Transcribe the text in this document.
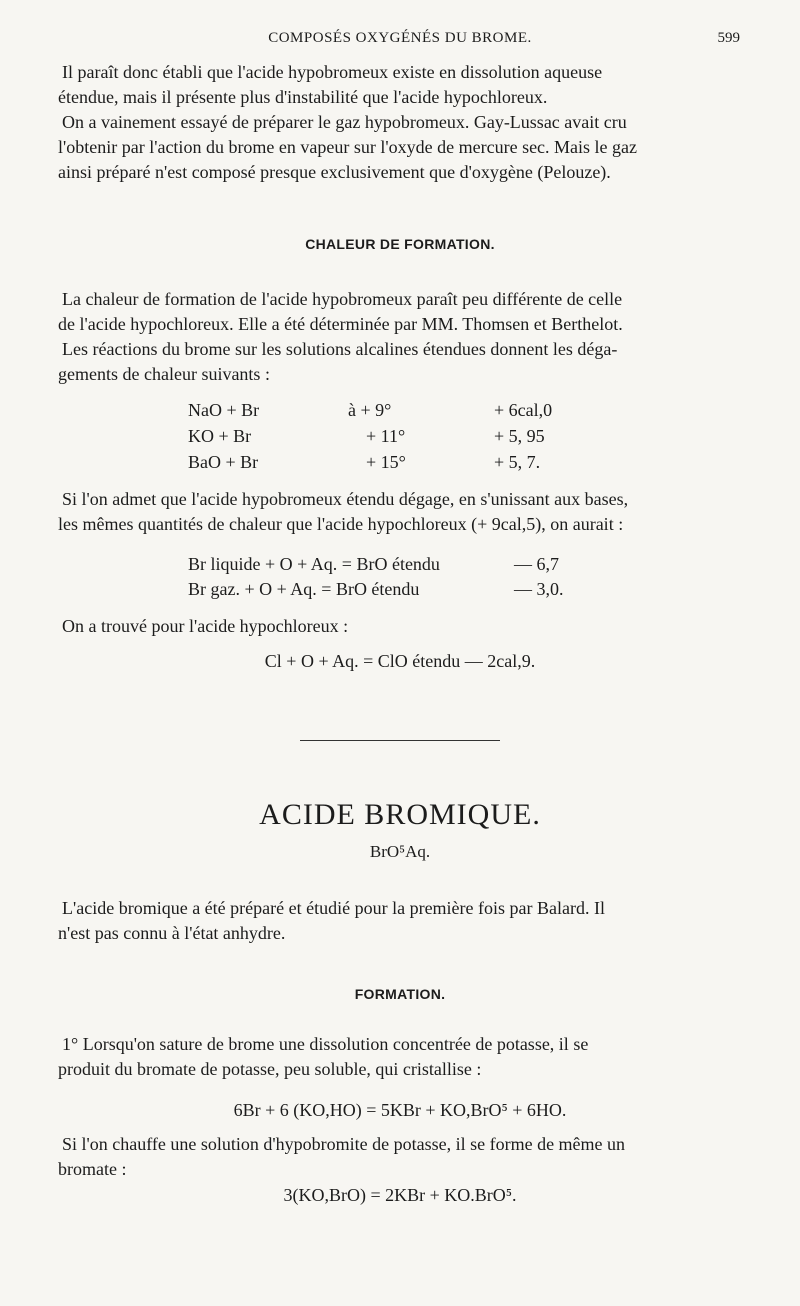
COMPOSÉS OXYGÉNÉS DU BROME.	599
Il paraît donc établi que l'acide hypobromeux existe en dissolution aqueuse
étendue, mais il présente plus d'instabilité que l'acide hypochloreux.
On a vainement essayé de préparer le gaz hypobromeux. Gay-Lussac avait cru
l'obtenir par l'action du brome en vapeur sur l'oxyde de mercure sec. Mais le gaz
ainsi préparé n'est composé presque exclusivement que d'oxygène (Pelouze).
CHALEUR DE FORMATION.
La chaleur de formation de l'acide hypobromeux paraît peu différente de celle
de l'acide hypochloreux. Elle a été déterminée par MM. Thomsen et Berthelot.
Les réactions du brome sur les solutions alcalines étendues donnent les déga-
gements de chaleur suivants :
NaO + Br	à + 9°	+ 6cal,0
KO + Br	+ 11°	+ 5, 95
BaO + Br	+ 15°	+ 5, 7.
Si l'on admet que l'acide hypobromeux étendu dégage, en s'unissant aux bases,
les mêmes quantités de chaleur que l'acide hypochloreux (+ 9cal,5), on aurait :
Br liquide + O + Aq. = BrO étendu	— 6,7
Br gaz. + O + Aq. = BrO étendu	— 3,0.
On a trouvé pour l'acide hypochloreux :
Cl + O + Aq. = ClO étendu — 2cal,9.
ACIDE BROMIQUE.
BrO⁵Aq.
L'acide bromique a été préparé et étudié pour la première fois par Balard. Il
n'est pas connu à l'état anhydre.
FORMATION.
1° Lorsqu'on sature de brome une dissolution concentrée de potasse, il se
produit du bromate de potasse, peu soluble, qui cristallise :
6Br + 6 (KO,HO) = 5KBr + KO,BrO⁵ + 6HO.
Si l'on chauffe une solution d'hypobromite de potasse, il se forme de même un
bromate :
3(KO,BrO) = 2KBr + KO.BrO⁵.
